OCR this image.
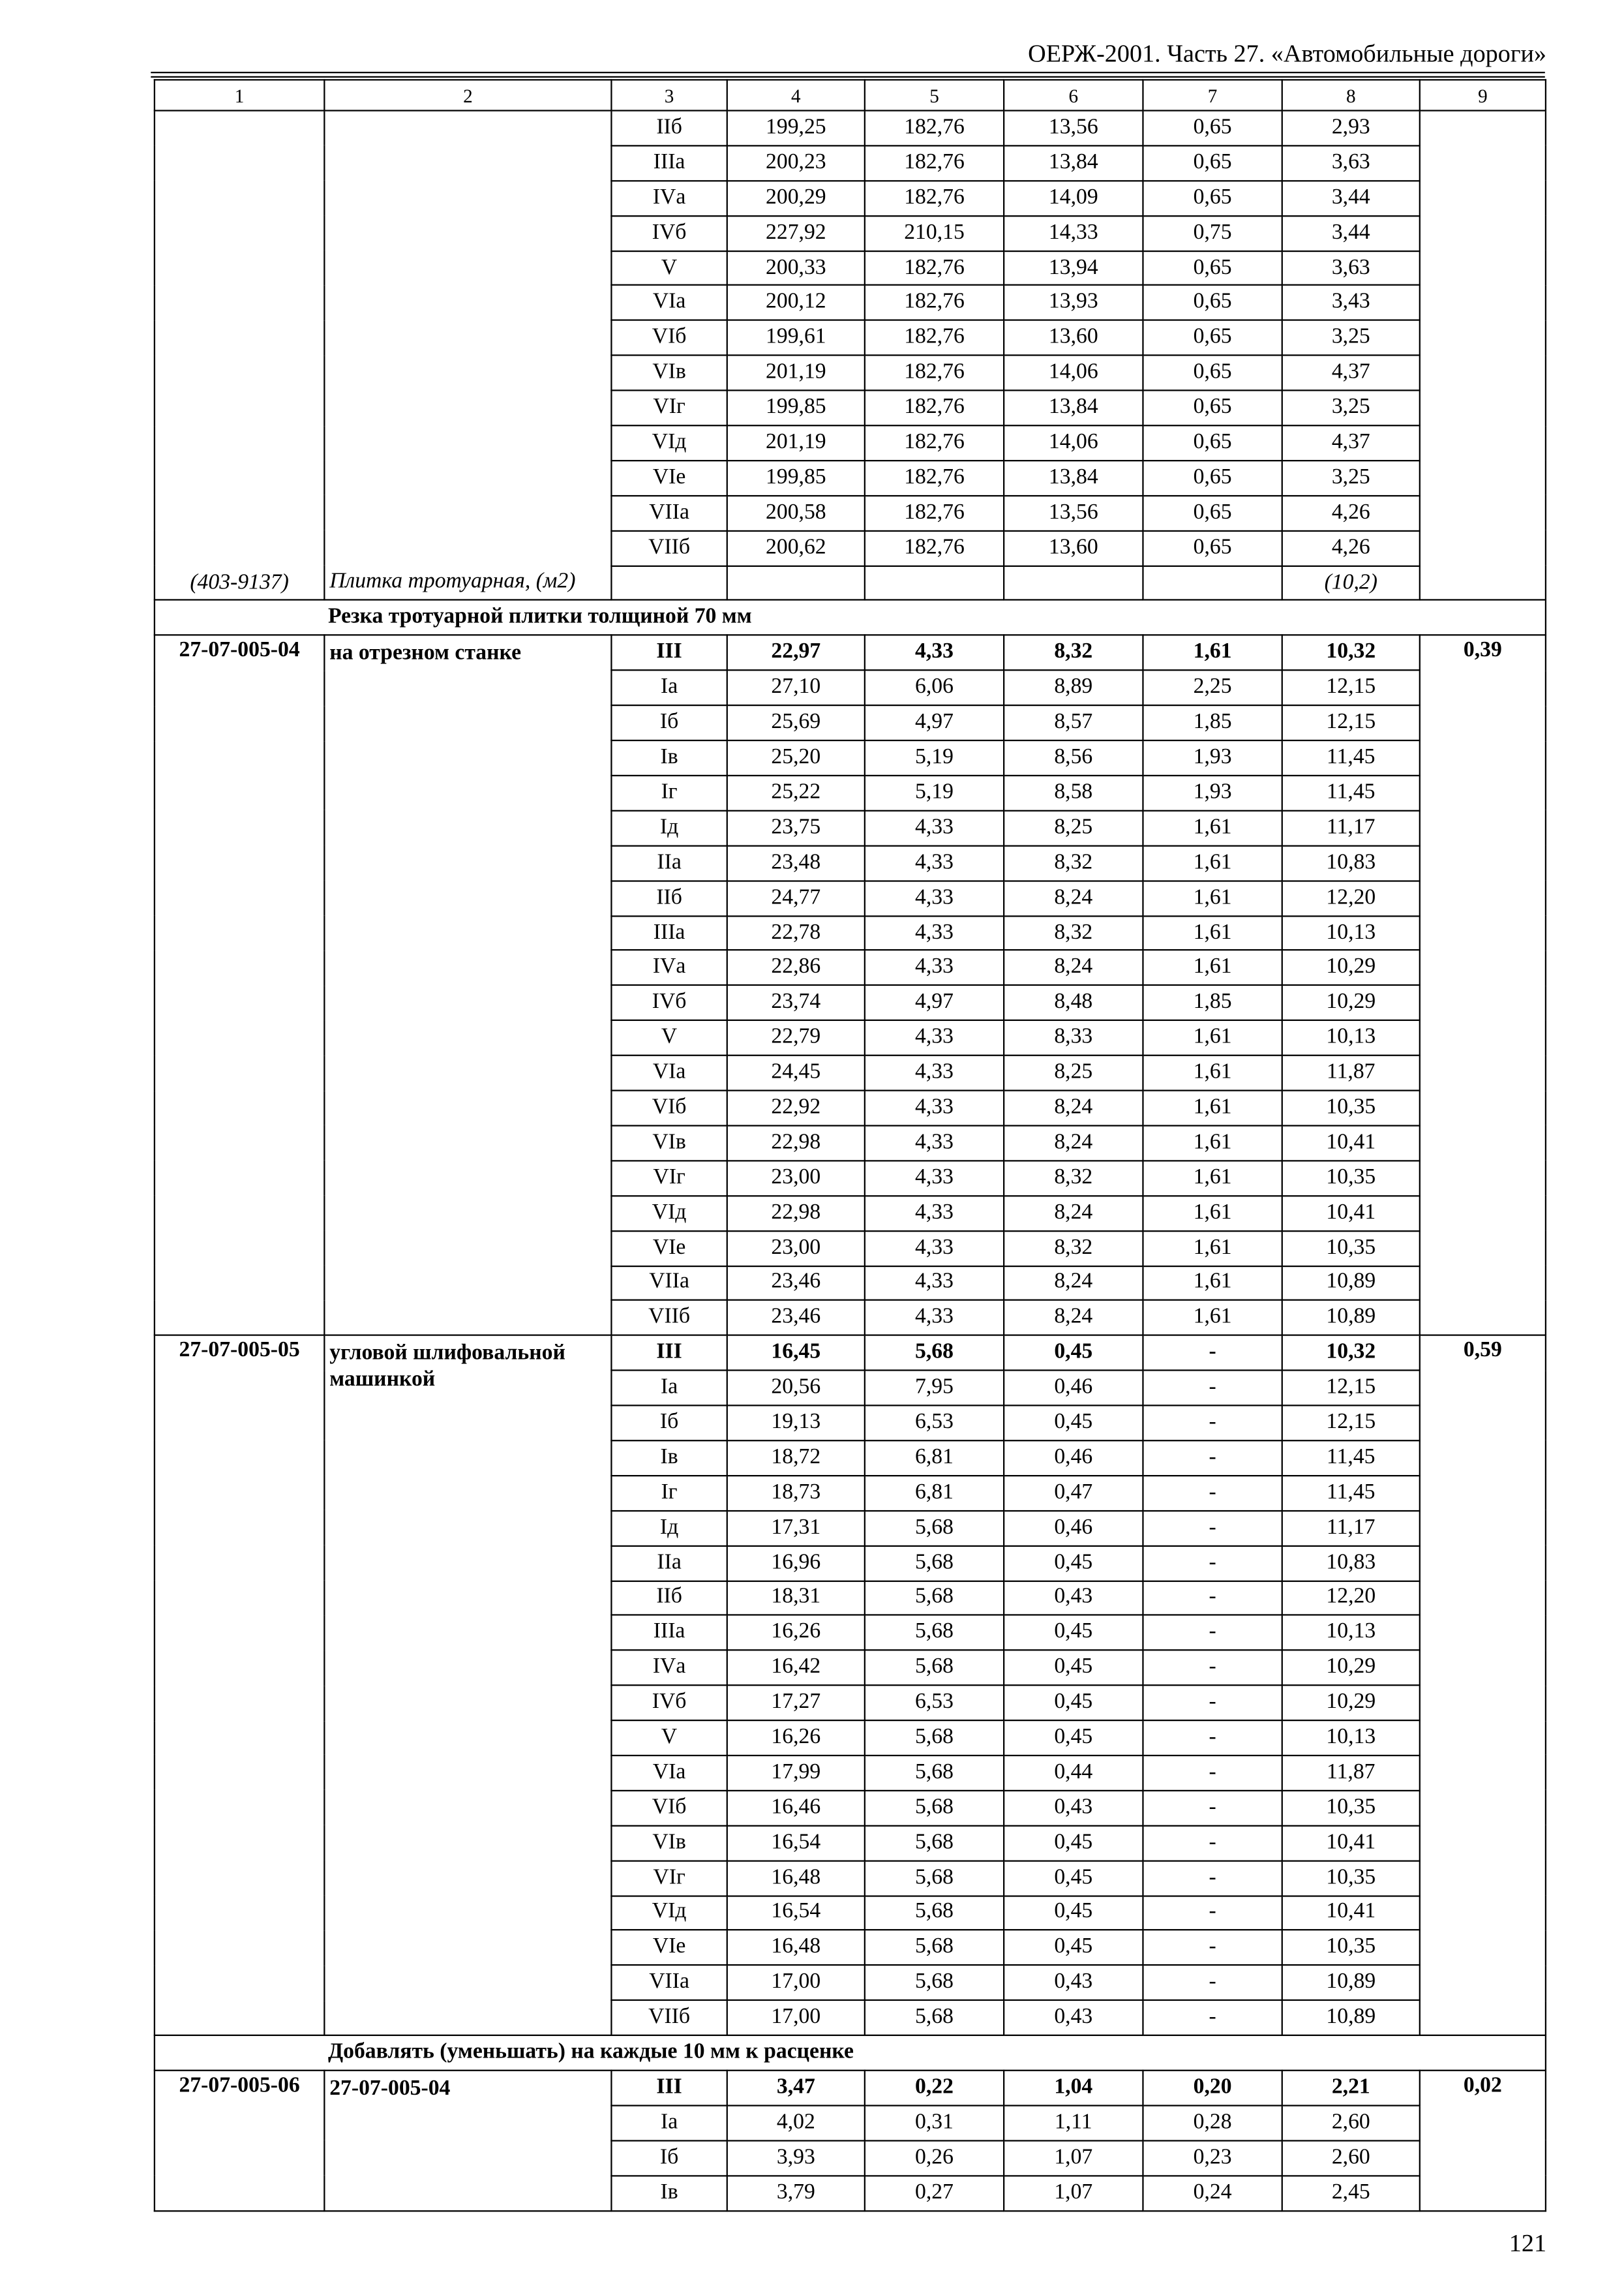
ОЕРЖ-2001. Часть 27. «Автомобильные дороги»
1	2	3	4	5	6	7	8	9
(403-9137)	Плитка тротуарная, (м2)	IIб	199,25	182,76	13,56	0,65	2,93	
		IIIа	200,23	182,76	13,84	0,65	3,63	
		IVа	200,29	182,76	14,09	0,65	3,44	
		IVб	227,92	210,15	14,33	0,75	3,44	
		V	200,33	182,76	13,94	0,65	3,63	
		VIа	200,12	182,76	13,93	0,65	3,43	
		VIб	199,61	182,76	13,60	0,65	3,25	
		VIв	201,19	182,76	14,06	0,65	4,37	
		VIг	199,85	182,76	13,84	0,65	3,25	
		VIд	201,19	182,76	14,06	0,65	4,37	
		VIе	199,85	182,76	13,84	0,65	3,25	
		VIIа	200,58	182,76	13,56	0,65	4,26	
		VIIб	200,62	182,76	13,60	0,65	4,26	
							(10,2)	
Резка тротуарной плитки толщиной 70 мм								
27-07-005-04	на отрезном станке	III	22,97	4,33	8,32	1,61	10,32	0,39
		Iа	27,10	6,06	8,89	2,25	12,15	
		Iб	25,69	4,97	8,57	1,85	12,15	
		Iв	25,20	5,19	8,56	1,93	11,45	
		Iг	25,22	5,19	8,58	1,93	11,45	
		Iд	23,75	4,33	8,25	1,61	11,17	
		IIа	23,48	4,33	8,32	1,61	10,83	
		IIб	24,77	4,33	8,24	1,61	12,20	
		IIIа	22,78	4,33	8,32	1,61	10,13	
		IVа	22,86	4,33	8,24	1,61	10,29	
		IVб	23,74	4,97	8,48	1,85	10,29	
		V	22,79	4,33	8,33	1,61	10,13	
		VIа	24,45	4,33	8,25	1,61	11,87	
		VIб	22,92	4,33	8,24	1,61	10,35	
		VIв	22,98	4,33	8,24	1,61	10,41	
		VIг	23,00	4,33	8,32	1,61	10,35	
		VIд	22,98	4,33	8,24	1,61	10,41	
		VIе	23,00	4,33	8,32	1,61	10,35	
		VIIа	23,46	4,33	8,24	1,61	10,89	
		VIIб	23,46	4,33	8,24	1,61	10,89	
27-07-005-05	угловой шлифовальной машинкой	III	16,45	5,68	0,45	-	10,32	0,59
		Iа	20,56	7,95	0,46	-	12,15	
		Iб	19,13	6,53	0,45	-	12,15	
		Iв	18,72	6,81	0,46	-	11,45	
		Iг	18,73	6,81	0,47	-	11,45	
		Iд	17,31	5,68	0,46	-	11,17	
		IIа	16,96	5,68	0,45	-	10,83	
		IIб	18,31	5,68	0,43	-	12,20	
		IIIа	16,26	5,68	0,45	-	10,13	
		IVа	16,42	5,68	0,45	-	10,29	
		IVб	17,27	6,53	0,45	-	10,29	
		V	16,26	5,68	0,45	-	10,13	
		VIа	17,99	5,68	0,44	-	11,87	
		VIб	16,46	5,68	0,43	-	10,35	
		VIв	16,54	5,68	0,45	-	10,41	
		VIг	16,48	5,68	0,45	-	10,35	
		VIд	16,54	5,68	0,45	-	10,41	
		VIе	16,48	5,68	0,45	-	10,35	
		VIIа	17,00	5,68	0,43	-	10,89	
		VIIб	17,00	5,68	0,43	-	10,89	
Добавлять (уменьшать) на каждые 10 мм к расценке								
27-07-005-06	27-07-005-04	III	3,47	0,22	1,04	0,20	2,21	0,02
		Iа	4,02	0,31	1,11	0,28	2,60	
		Iб	3,93	0,26	1,07	0,23	2,60	
		Iв	3,79	0,27	1,07	0,24	2,45	
121
